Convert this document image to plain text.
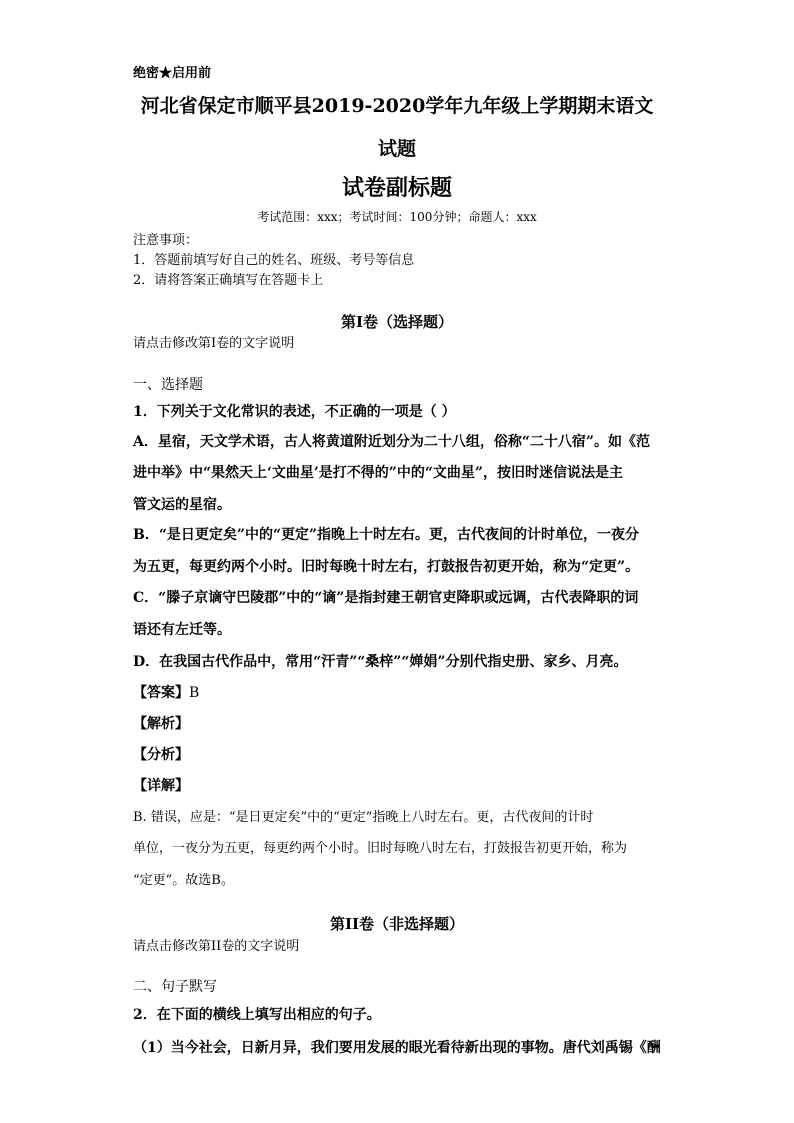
绝密★启用前
河北省保定市顺平县2019-2020学年九年级上学期期末语文
试题
试卷副标题
考试范围：xxx；考试时间：100分钟；命题人：xxx
注意事项：
1．答题前填写好自己的姓名、班级、考号等信息
2．请将答案正确填写在答题卡上
第I卷（选择题）
请点击修改第I卷的文字说明
一、选择题
1．下列关于文化常识的表述，不正确的一项是（ ）
A．星宿，天文学术语，古人将黄道附近划分为二十八组，俗称“二十八宿”。如《范
进中举》中“果然天上‘文曲星’是打不得的”中的“文曲星”，按旧时迷信说法是主
管文运的星宿。
B．“是日更定矣”中的“更定”指晚上十时左右。更，古代夜间的计时单位，一夜分
为五更，每更约两个小时。旧时每晚十时左右，打鼓报告初更开始，称为“定更”。
C．“滕子京谪守巴陵郡”中的“谪”是指封建王朝官吏降职或远调，古代表降职的词
语还有左迁等。
D．在我国古代作品中，常用“汗青”“桑梓”“婵娟”分别代指史册、家乡、月亮。
【答案】B
【解析】
【分析】
【详解】
B. 错误，应是：“是日更定矣”中的“更定”指晚上八时左右。更，古代夜间的计时
单位，一夜分为五更，每更约两个小时。旧时每晚八时左右，打鼓报告初更开始，称为
“定更”。故选B。
第II卷（非选择题）
请点击修改第II卷的文字说明
二、句子默写
2．在下面的横线上填写出相应的句子。
（1）当今社会，日新月异，我们要用发展的眼光看待新出现的事物。唐代刘禹锡《酬
